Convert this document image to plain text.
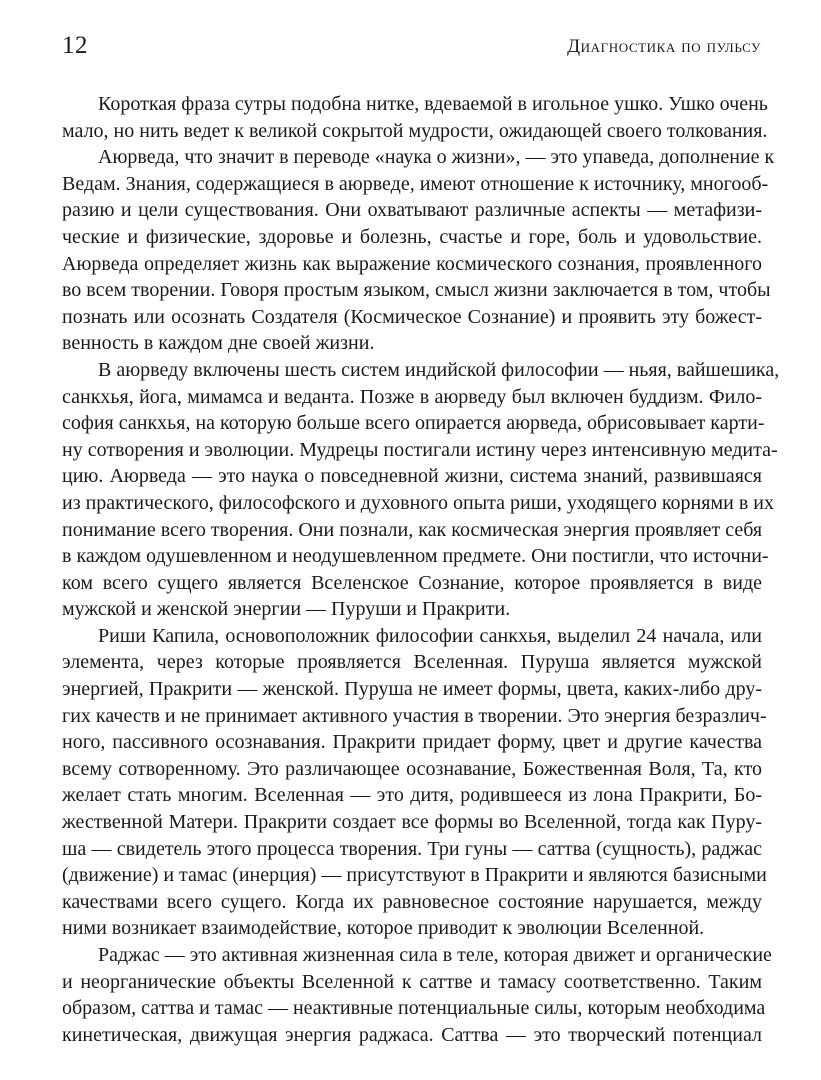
12	Диагностика по пульсу

Короткая фраза сутры подобна нитке, вдеваемой в игольное ушко. Ушко очень
мало, но нить ведет к великой сокрытой мудрости, ожидающей своего толкования.

Аюрведа, что значит в переводе «наука о жизни», — это упаведа, дополнение к
Ведам. Знания, содержащиеся в аюрведе, имеют отношение к источнику, многооб-
разию и цели существования. Они охватывают различные аспекты — метафизи-
ческие и физические, здоровье и болезнь, счастье и горе, боль и удовольствие.
Аюрведа определяет жизнь как выражение космического сознания, проявленного
во всем творении. Говоря простым языком, смысл жизни заключается в том, чтобы
познать или осознать Создателя (Космическое Сознание) и проявить эту божест-
венность в каждом дне своей жизни.

В аюрведу включены шесть систем индийской философии — ньяя, вайшешика,
санкхья, йога, мимамса и веданта. Позже в аюрведу был включен буддизм. Фило-
софия санкхья, на которую больше всего опирается аюрведа, обрисовывает карти-
ну сотворения и эволюции. Мудрецы постигали истину через интенсивную медита-
цию. Аюрведа — это наука о повседневной жизни, система знаний, развившаяся
из практического, философского и духовного опыта риши, уходящего корнями в их
понимание всего творения. Они познали, как космическая энергия проявляет себя
в каждом одушевленном и неодушевленном предмете. Они постигли, что источни-
ком всего сущего является Вселенское Сознание, которое проявляется в виде
мужской и женской энергии — Пуруши и Пракрити.

Риши Капила, основоположник философии санкхья, выделил 24 начала, или
элемента, через которые проявляется Вселенная. Пуруша является мужской
энергией, Пракрити — женской. Пуруша не имеет формы, цвета, каких-либо дру-
гих качеств и не принимает активного участия в творении. Это энергия безразлич-
ного, пассивного осознавания. Пракрити придает форму, цвет и другие качества
всему сотворенному. Это различающее осознавание, Божественная Воля, Та, кто
желает стать многим. Вселенная — это дитя, родившееся из лона Пракрити, Бо-
жественной Матери. Пракрити создает все формы во Вселенной, тогда как Пуру-
ша — свидетель этого процесса творения. Три гуны — саттва (сущность), раджас
(движение) и тамас (инерция) — присутствуют в Пракрити и являются базисными
качествами всего сущего. Когда их равновесное состояние нарушается, между
ними возникает взаимодействие, которое приводит к эволюции Вселенной.

Раджас — это активная жизненная сила в теле, которая движет и органические
и неорганические объекты Вселенной к саттве и тамасу соответственно. Таким
образом, саттва и тамас — неактивные потенциальные силы, которым необходима
кинетическая, движущая энергия раджаса. Саттва — это творческий потенциал
